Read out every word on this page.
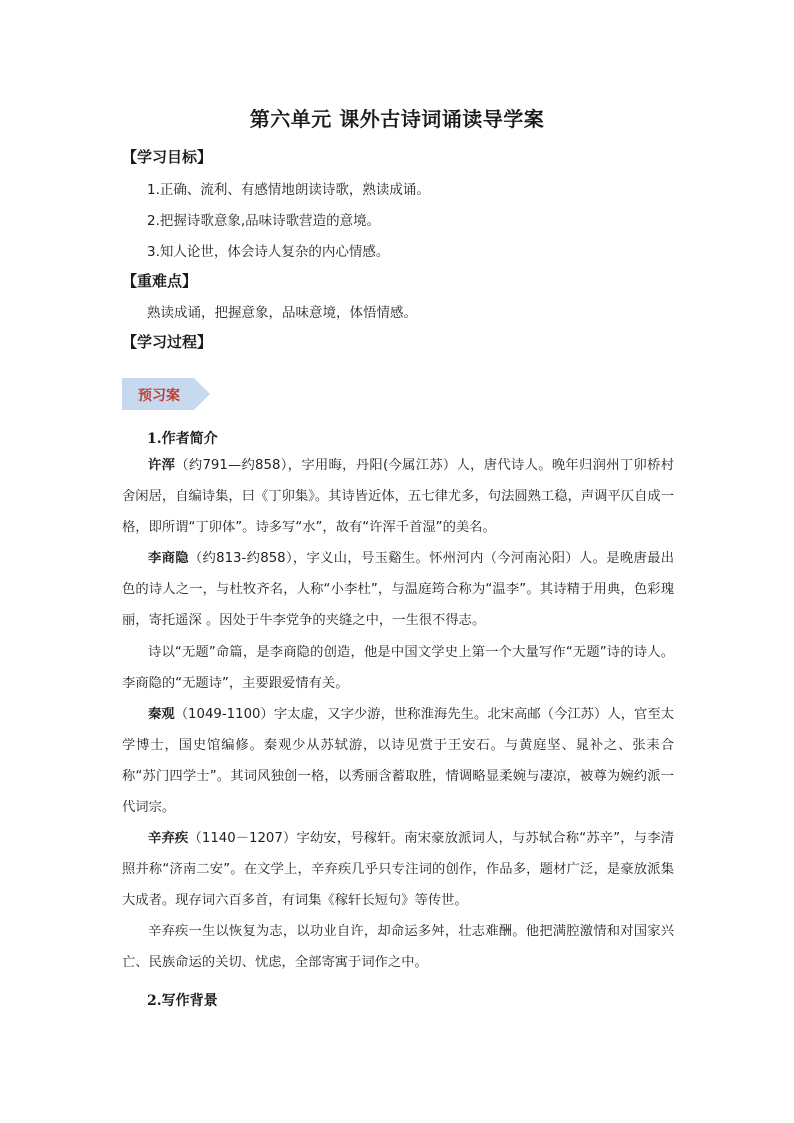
第六单元 课外古诗词诵读导学案
【学习目标】
1.正确、流利、有感情地朗读诗歌，熟读成诵。
2.把握诗歌意象,品味诗歌营造的意境。
3.知人论世，体会诗人复杂的内心情感。
【重难点】
熟读成诵，把握意象，品味意境，体悟情感。
【学习过程】
预习案
1.作者简介
许浑（约791—约858），字用晦，丹阳(今属江苏）人，唐代诗人。晚年归润州丁卯桥村舍闲居，自编诗集，曰《丁卯集》。其诗皆近体，五七律尤多，句法圆熟工稳，声调平仄自成一格，即所谓“丁卯体”。诗多写“水”，故有“许浑千首湿”的美名。
李商隐（约813-约858），字义山，号玉谿生。怀州河内（今河南沁阳）人。是晚唐最出色的诗人之一，与杜牧齐名，人称“小李杜”，与温庭筠合称为“温李”。其诗精于用典，色彩瑰丽，寄托遥深 。因处于牛李党争的夹缝之中，一生很不得志。
诗以“无题”命篇，是李商隐的创造，他是中国文学史上第一个大量写作“无题”诗的诗人。李商隐的“无题诗”，主要跟爱情有关。
秦观（1049-1100）字太虚，又字少游，世称淮海先生。北宋高邮（今江苏）人，官至太学博士，国史馆编修。秦观少从苏轼游，以诗见赏于王安石。与黄庭坚、晁补之、张耒合称“苏门四学士”。其词风独创一格，以秀丽含蓄取胜，情调略显柔婉与凄凉，被尊为婉约派一代词宗。
辛弃疾（1140－1207）字幼安，号稼轩。南宋豪放派词人，与苏轼合称“苏辛”，与李清照并称“济南二安”。在文学上，辛弃疾几乎只专注词的创作，作品多，题材广泛，是豪放派集大成者。现存词六百多首，有词集《稼轩长短句》等传世。
辛弃疾一生以恢复为志，以功业自许，却命运多舛，壮志难酬。他把满腔激情和对国家兴亡、民族命运的关切、忧虑，全部寄寓于词作之中。
2.写作背景
